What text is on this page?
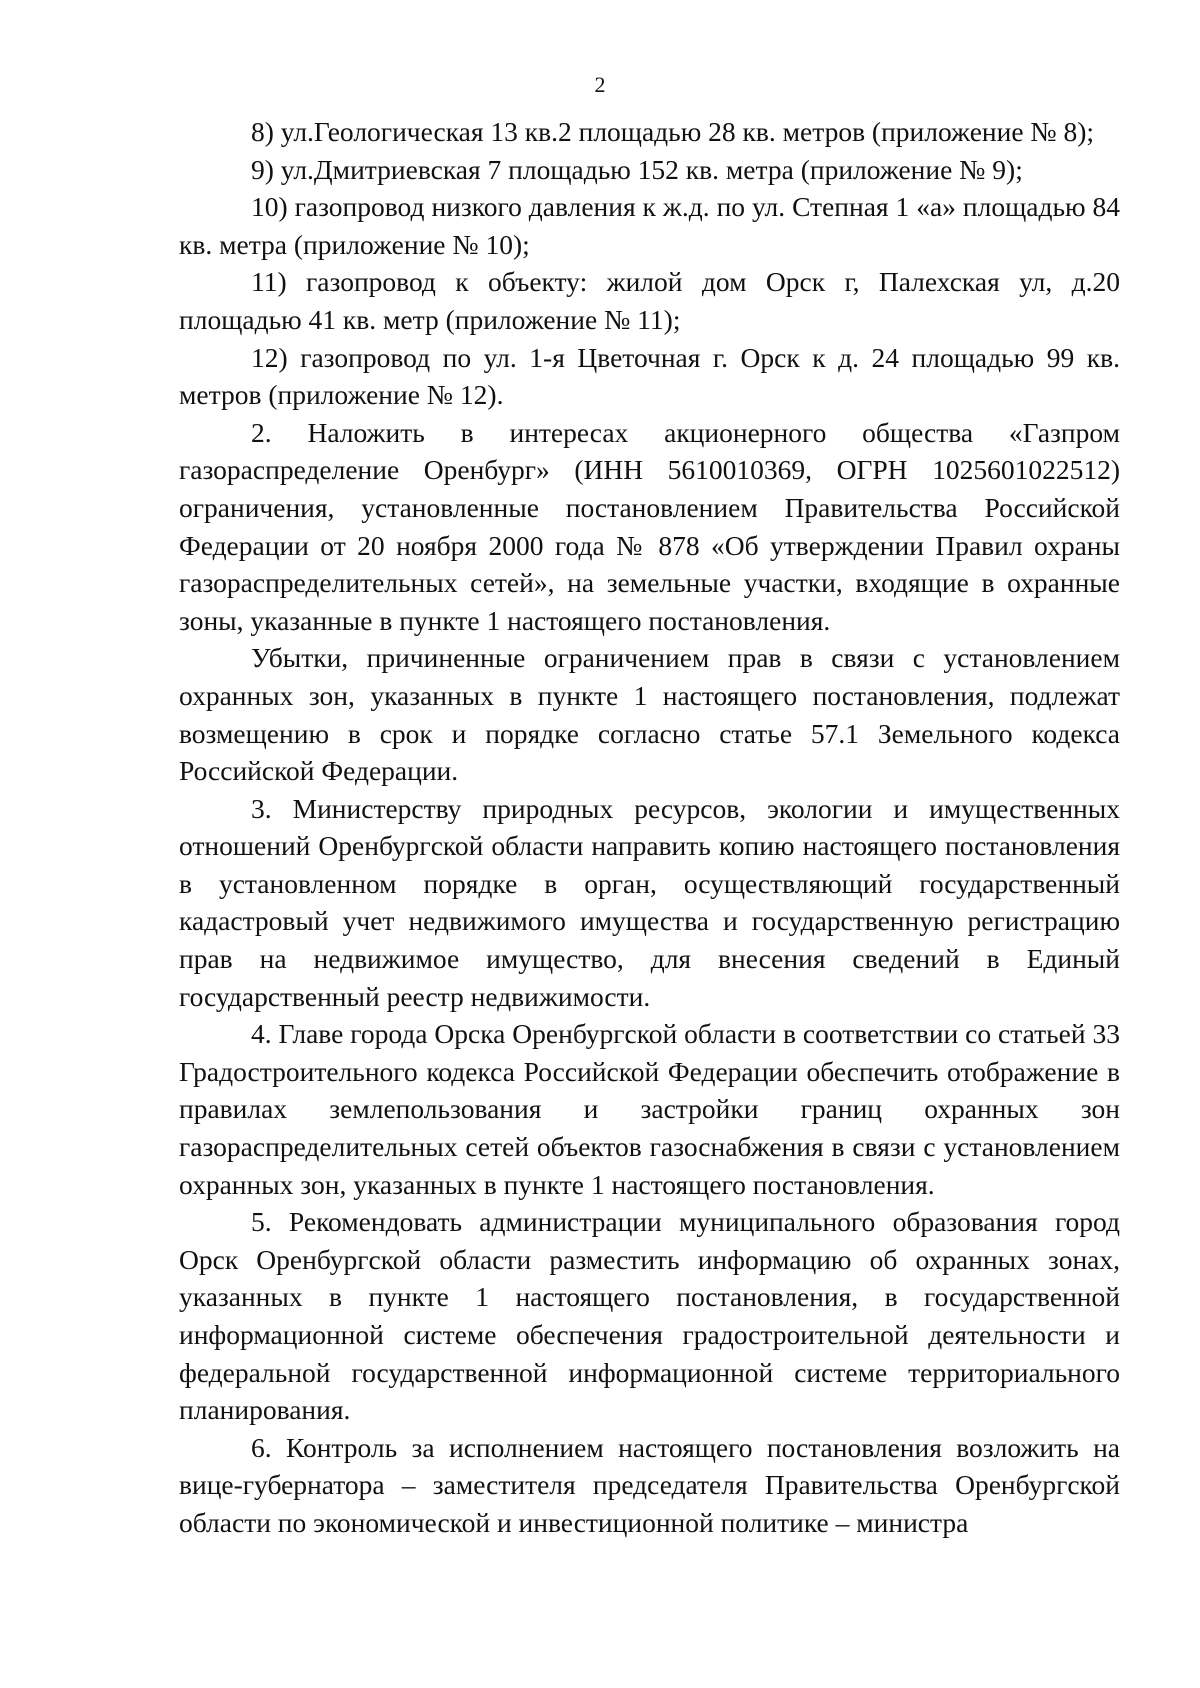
2

8) ул.Геологическая 13 кв.2 площадью 28 кв. метров (приложение № 8);

9) ул.Дмитриевская 7 площадью 152 кв. метра (приложение № 9);

10) газопровод низкого давления к ж.д. по ул. Степная 1 «а» площадью 84 кв. метра (приложение № 10);

11) газопровод к объекту: жилой дом Орск г, Палехская ул, д.20 площадью 41 кв. метр (приложение № 11);

12) газопровод по ул. 1-я Цветочная г. Орск к д. 24 площадью 99 кв. метров (приложение № 12).

2. Наложить в интересах акционерного общества «Газпром газораспределение Оренбург» (ИНН 5610010369, ОГРН 1025601022512) ограничения, установленные постановлением Правительства Российской Федерации от 20 ноября 2000 года № 878 «Об утверждении Правил охраны газораспределительных сетей», на земельные участки, входящие в охранные зоны, указанные в пункте 1 настоящего постановления.

Убытки, причиненные ограничением прав в связи с установлением охранных зон, указанных в пункте 1 настоящего постановления, подлежат возмещению в срок и порядке согласно статье 57.1 Земельного кодекса Российской Федерации.

3. Министерству природных ресурсов, экологии и имущественных отношений Оренбургской области направить копию настоящего постановления в установленном порядке в орган, осуществляющий государственный кадастровый учет недвижимого имущества и государственную регистрацию прав на недвижимое имущество, для внесения сведений в Единый государственный реестр недвижимости.

4. Главе города Орска Оренбургской области в соответствии со статьей 33 Градостроительного кодекса Российской Федерации обеспечить отображение в правилах землепользования и застройки границ охранных зон газораспределительных сетей объектов газоснабжения в связи с установлением охранных зон, указанных в пункте 1 настоящего постановления.

5. Рекомендовать администрации муниципального образования город Орск Оренбургской области разместить информацию об охранных зонах, указанных в пункте 1 настоящего постановления, в государственной информационной системе обеспечения градостроительной деятельности и федеральной государственной информационной системе территориального планирования.

6. Контроль за исполнением настоящего постановления возложить на вице-губернатора – заместителя председателя Правительства Оренбургской области по экономической и инвестиционной политике – министра
